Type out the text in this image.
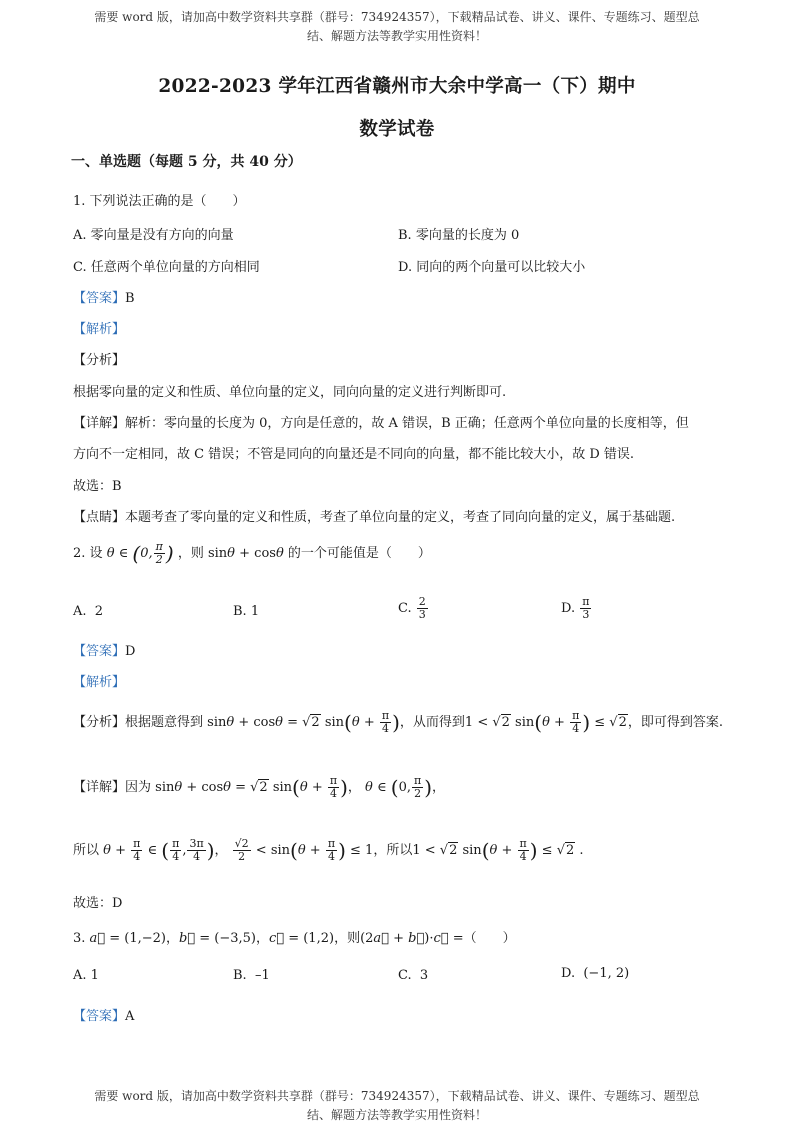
需要 word 版，请加高中数学资料共享群（群号：734924357），下载精品试卷、讲义、课件、专题练习、题型总
结、解题方法等教学实用性资料！
2022-2023 学年江西省赣州市大余中学高一（下）期中
数学试卷
一、单选题（每题 5 分，共 40 分）
1. 下列说法正确的是（　　）
A. 零向量是没有方向的向量	B. 零向量的长度为 0
C. 任意两个单位向量的方向相同	D. 同向的两个向量可以比较大小
【答案】B
【解析】
【分析】
根据零向量的定义和性质、单位向量的定义，同向向量的定义进行判断即可.
【详解】解析：零向量的长度为 0，方向是任意的，故 A 错误，B 正确；任意两个单位向量的长度相等，但
方向不一定相同，故 C 错误；不管是同向的向量还是不同向的向量，都不能比较大小，故 D 错误.
故选：B
【点睛】本题考查了零向量的定义和性质，考查了单位向量的定义，考查了同向向量的定义，属于基础题.
2. 设 θ ∈ (0, $\frac{\pi}{2}$ ) ，则 sinθ + cosθ 的一个可能值是（　　）
A.  2	B. 1	C. $\frac{2}{3}$	D. $\frac{\pi}{3}$
【答案】D
【解析】
【分析】根据题意得到 sinθ + cosθ = √2 $\sin(\theta + \frac{\pi}{4}$ )，从而得到1 < √2 $\sin(\theta + \frac{\pi}{4}$ ) ≤ √2，即可得到答案.
【详解】因为 sinθ + cosθ = √2 $\sin(\theta + \frac{\pi}{4}$ )， θ ∈ (0, $\frac{\pi}{2}$ )，
所以 $\theta + \frac{\pi}{4}$ ∈ ( $\frac{\pi}{4}$ , $\frac{3\pi}{4}$ )， $\frac{√2}{2} < \sin(\theta + \frac{\pi}{4}$ ) ≤ 1，所以1 < √2 $\sin(\theta + \frac{\pi}{4}$ ) ≤ √2 .
故选：D
3. a⃗ = (1,−2)，b⃗ = (−3,5)，c⃗ = (1,2)，则(2a⃗ + b⃗)·c⃗ =（　　）
A. 1	B.  –1	C.  3	D.  (−1, 2)
【答案】A
需要 word 版，请加高中数学资料共享群（群号：734924357），下载精品试卷、讲义、课件、专题练习、题型总
结、解题方法等教学实用性资料！
